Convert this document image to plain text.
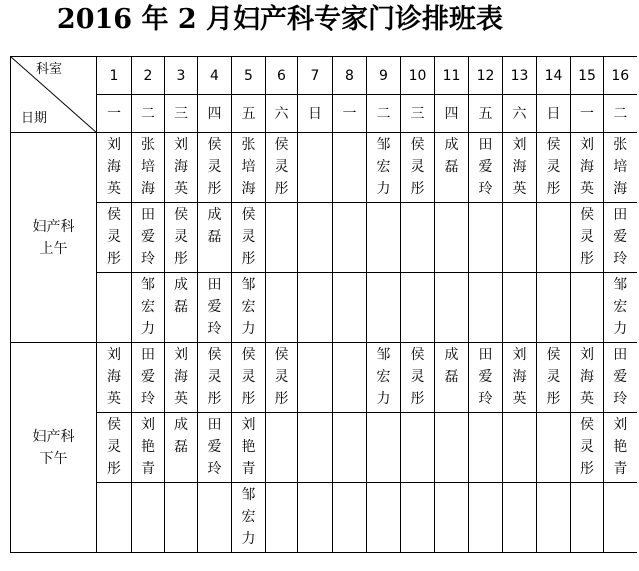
2016 年 2 月妇产科专家门诊排班表
科室
日期	1	2	3	4	5	6	7	8	9	10	11	12	13	14	15	16
	一	二	三	四	五	六	日	一	二	三	四	五	六	日	一	二

妇产科
上午	刘海英	张培海	刘海英	侯灵彤	张培海	侯灵彤			邹宏力	侯灵彤	成磊	田爱玲	刘海英	侯灵彤	刘海英	张培海

	侯灵彤	田爱玲	侯灵彤	成磊	侯灵彤										侯灵彤	田爱玲

		邹宏力	成磊	田爱玲	邹宏力											邹宏力

妇产科
下午	刘海英	田爱玲	刘海英	侯灵彤	侯灵彤	侯灵彤			邹宏力	侯灵彤	成磊	田爱玲	刘海英	侯灵彤	刘海英	田爱玲

	侯灵彤	刘艳青	成磊	田爱玲	刘艳青										侯灵彤	刘艳青

					邹宏力											
